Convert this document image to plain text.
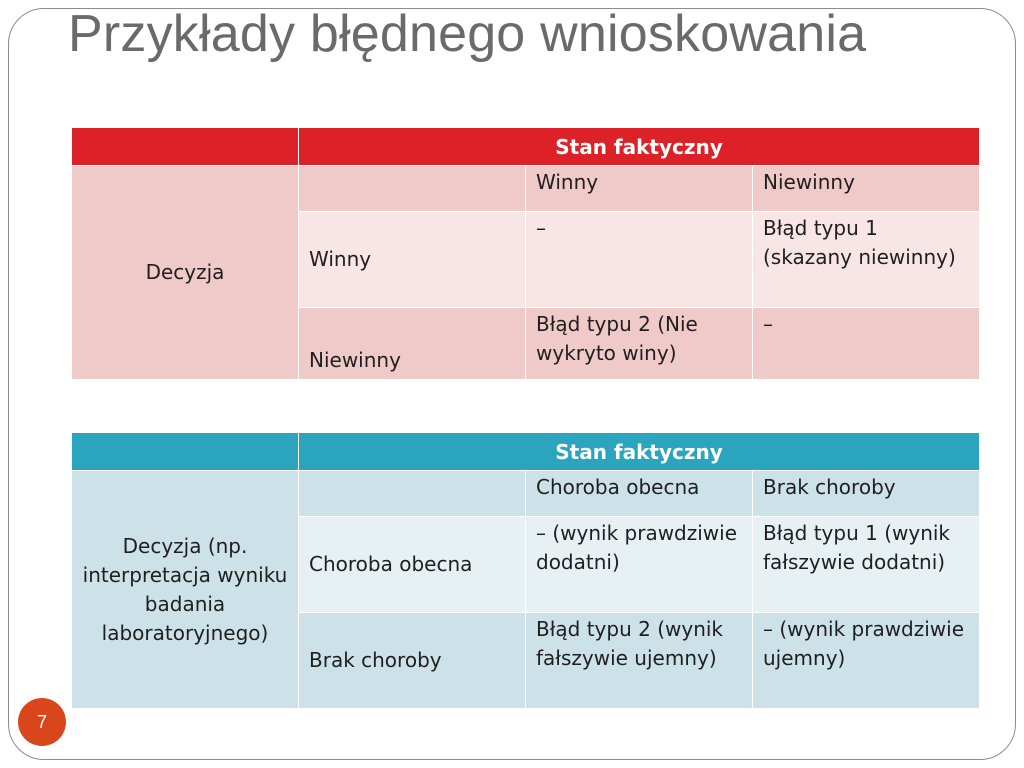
Przykłady błędnego wnioskowania
	Stan faktyczny		
Decyzja		Winny	Niewinny
	Winny	–	Błąd typu 1 (skazany niewinny)
	Niewinny	Błąd typu 2 (Nie wykryto winy)	–
	Stan faktyczny		
Decyzja (np. interpretacja wyniku badania laboratoryjnego)		Choroba obecna	Brak choroby
	Choroba obecna	– (wynik prawdziwie dodatni)	Błąd typu 1 (wynik fałszywie dodatni)
	Brak choroby	Błąd typu 2 (wynik fałszywie ujemny)	– (wynik prawdziwie ujemny)
7
